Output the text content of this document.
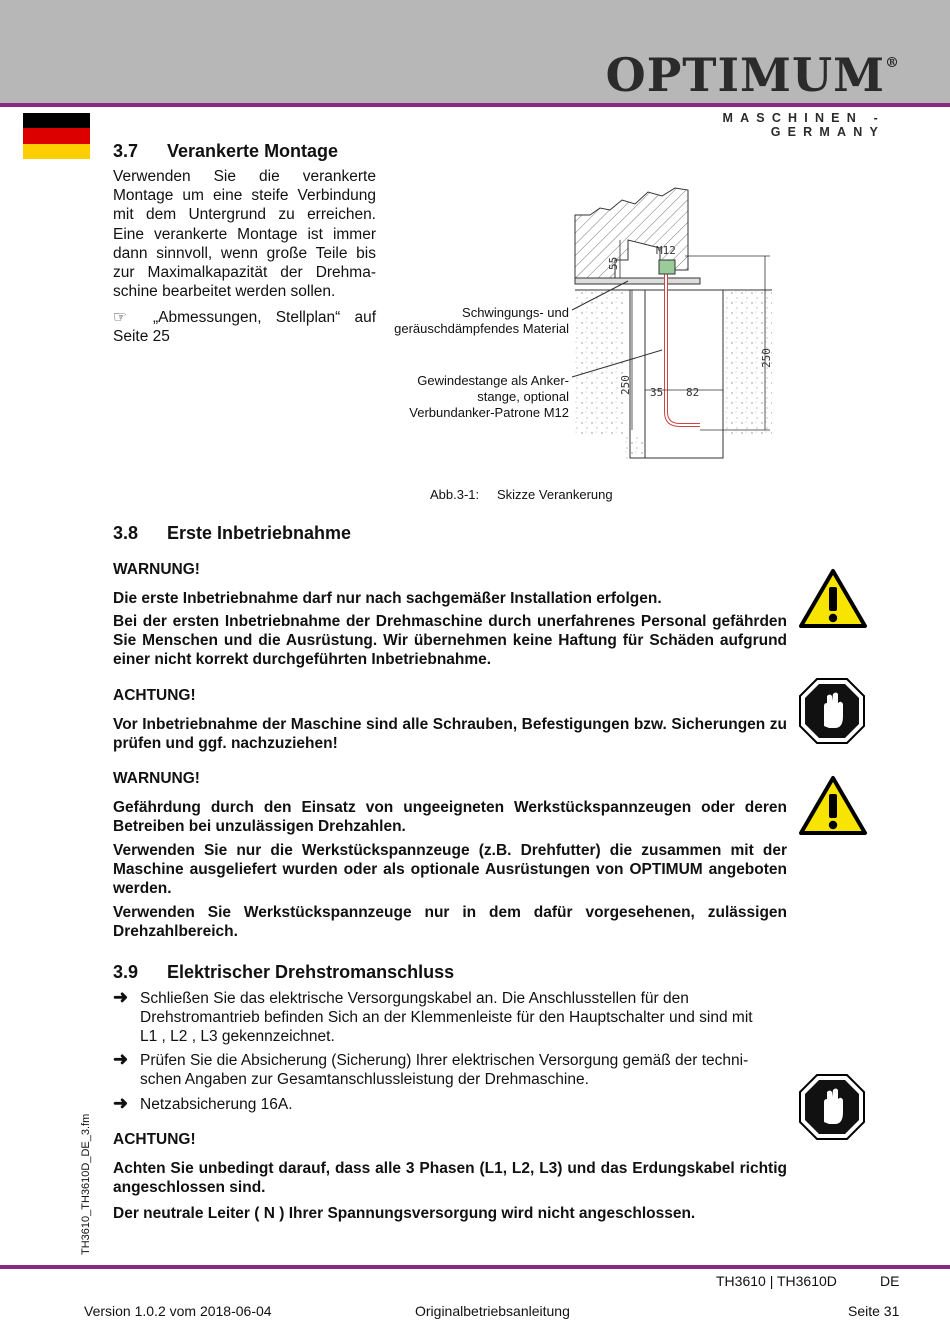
OPTIMUM®
MASCHINEN - GERMANY
3.7 Verankerte Montage
Verwenden Sie die verankerte Montage um eine steife Verbindung mit dem Untergrund zu erreichen. Eine verankerte Montage ist immer dann sinnvoll, wenn große Teile bis zur Maximalkapazität der Drehma-schine bearbeitet werden sollen.
☞ „Abmessungen, Stellplan“ auf Seite 25
Schwingungs- und
geräuschdämpfendes Material
Gewindestange als Anker-
stange, optional
Verbundanker-Patrone M12
M12
55
250
250
35 82
Abb.3-1: Skizze Verankerung
3.8 Erste Inbetriebnahme
WARNUNG!
Die erste Inbetriebnahme darf nur nach sachgemäßer Installation erfolgen.
Bei der ersten Inbetriebnahme der Drehmaschine durch unerfahrenes Personal gefährden Sie Menschen und die Ausrüstung. Wir übernehmen keine Haftung für Schäden aufgrund einer nicht korrekt durchgeführten Inbetriebnahme.
ACHTUNG!
Vor Inbetriebnahme der Maschine sind alle Schrauben, Befestigungen bzw. Sicherungen zu prüfen und ggf. nachzuziehen!
WARNUNG!
Gefährdung durch den Einsatz von ungeeigneten Werkstückspannzeugen oder deren Betreiben bei unzulässigen Drehzahlen.
Verwenden Sie nur die Werkstückspannzeuge (z.B. Drehfutter) die zusammen mit der Maschine ausgeliefert wurden oder als optionale Ausrüstungen von OPTIMUM angeboten werden.
Verwenden Sie Werkstückspannzeuge nur in dem dafür vorgesehenen, zulässigen Drehzahlbereich.
3.9 Elektrischer Drehstromanschluss
➜ Schließen Sie das elektrische Versorgungskabel an. Die Anschlusstellen für den Drehstromantrieb befinden Sich an der Klemmenleiste für den Hauptschalter und sind mit L1 , L2 , L3 gekennzeichnet.
➜ Prüfen Sie die Absicherung (Sicherung) Ihrer elektrischen Versorgung gemäß der techni-schen Angaben zur Gesamtanschlussleistung der Drehmaschine.
➜ Netzabsicherung 16A.
ACHTUNG!
Achten Sie unbedingt darauf, dass alle 3 Phasen (L1, L2, L3) und das Erdungskabel richtig angeschlossen sind.
Der neutrale Leiter ( N ) Ihrer Spannungsversorgung wird nicht angeschlossen.
TH3610_TH3610D_DE_3.fm
TH3610 | TH3610D	DE
Version 1.0.2 vom 2018-06-04	Originalbetriebsanleitung	Seite 31
